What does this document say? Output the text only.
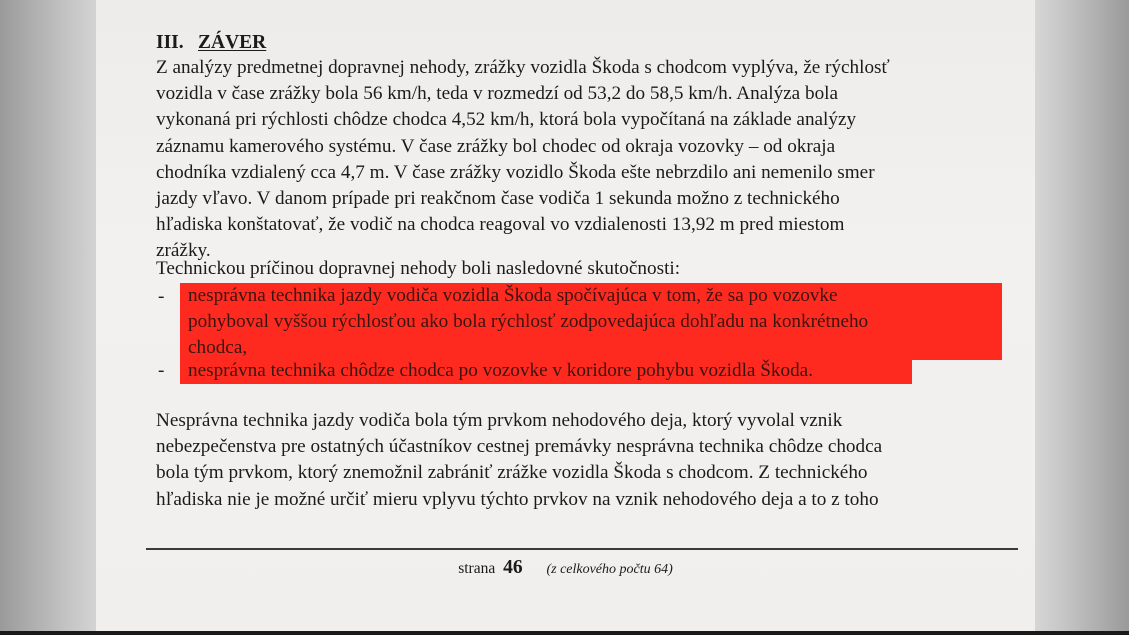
III. ZÁVER
Z analýzy predmetnej dopravnej nehody, zrážky vozidla Škoda s chodcom vyplýva, že rýchlosť
vozidla v čase zrážky bola 56 km/h, teda v rozmedzí od 53,2 do 58,5 km/h. Analýza bola
vykonaná pri rýchlosti chôdze chodca 4,52 km/h, ktorá bola vypočítaná na základe analýzy
záznamu kamerového systému. V čase zrážky bol chodec od okraja vozovky – od okraja
chodníka vzdialený cca 4,7 m. V čase zrážky vozidlo Škoda ešte nebrzdilo ani nemenilo smer
jazdy vľavo. V danom prípade pri reakčnom čase vodiča 1 sekunda možno z technického
hľadiska konštatovať, že vodič na chodca reagoval vo vzdialenosti 13,92 m pred miestom
zrážky.
Technickou príčinou dopravnej nehody boli nasledovné skutočnosti:
- nesprávna technika jazdy vodiča vozidla Škoda spočívajúca v tom, že sa po vozovke
pohyboval vyššou rýchlosťou ako bola rýchlosť zodpovedajúca dohľadu na konkrétneho
chodca,
- nesprávna technika chôdze chodca po vozovke v koridore pohybu vozidla Škoda.
Nesprávna technika jazdy vodiča bola tým prvkom nehodového deja, ktorý vyvolal vznik
nebezpečenstva pre ostatných účastníkov cestnej premávky nesprávna technika chôdze chodca
bola tým prvkom, ktorý znemožnil zabrániť zrážke vozidla Škoda s chodcom. Z technického
hľadiska nie je možné určiť mieru vplyvu týchto prvkov na vznik nehodového deja a to z toho
strana 46 (z celkového počtu 64)
